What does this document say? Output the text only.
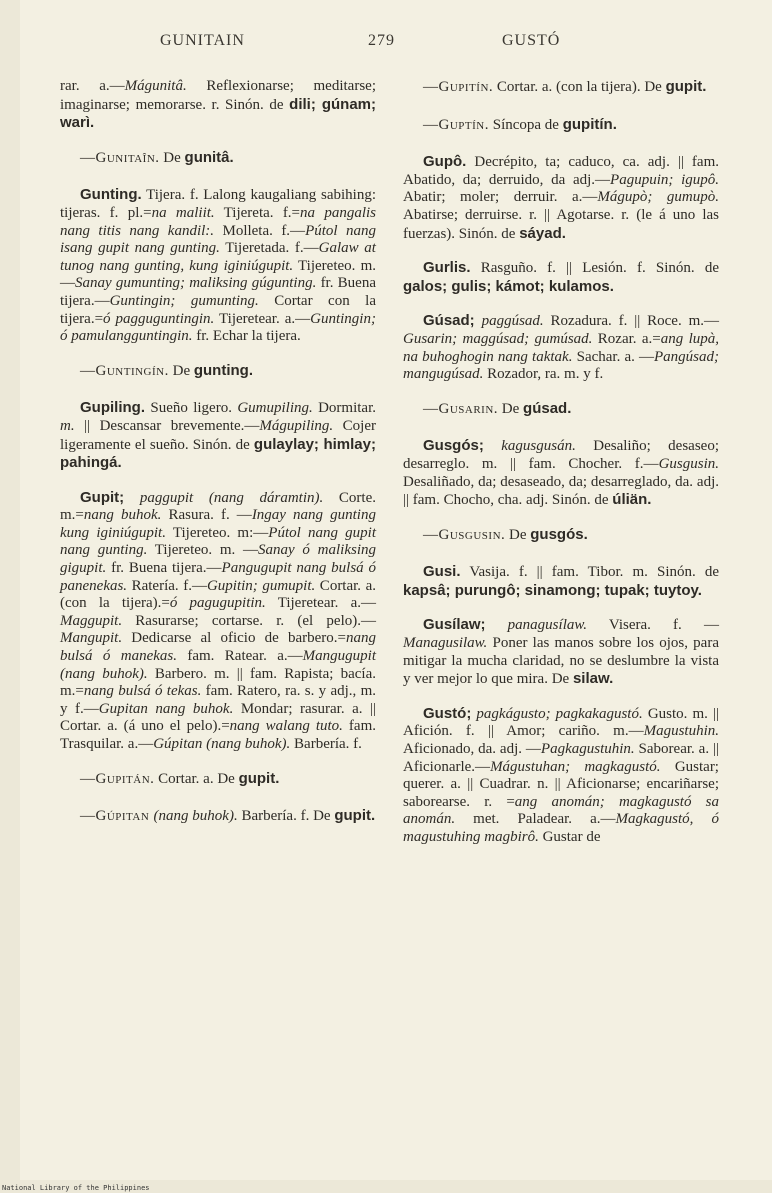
GUNITAIN	279	GUSTÓ

rar. a.—Mágunitâ. Reflexionarse; meditarse; imaginarse; memorarse. r. Sinón. de dili; gúnam; warì.

—Gunitaîn. De gunitâ.

Gunting. Tijera. f. Lalong kaugaliang sabihing: tijeras. f. pl.=na maliit. Tijereta. f.=na pangalis nang titis nang kandil:. Molleta. f.—Pútol nang isang gupit nang gunting. Tijeretada. f.—Galaw at tunog nang gunting, kung iginiúgupit. Tijereteo. m.—Sanay gumunting; maliksing gúgunting. fr. Buena tijera.—Guntingin; gumunting. Cortar con la tijera.=ó pagguguntingin. Tijeretear. a.—Guntingin; ó pamulangguntingin. fr. Echar la tijera.

—Guntingín. De gunting.

Gupiling. Sueño ligero. Gumupiling. Dormitar. m. || Descansar brevemente.—Mágupiling. Cojer ligeramente el sueño. Sinón. de gulaylay; himlay; pahingá.

Gupit; paggupit (nang dáramtin). Corte. m.=nang buhok. Rasura. f. —Ingay nang gunting kung iginiúgupit. Tijereteo. m:—Pútol nang gupit nang gunting. Tijereteo. m. —Sanay ó maliksing gigupit. fr. Buena tijera.—Pangugupit nang bulsá ó panenekas. Ratería. f.—Gupitin; gumupit. Cortar. a. (con la tijera).=ó pagugupitin. Tijeretear. a.—Maggupit. Rasurarse; cortarse. r. (el pelo).—Mangupit. Dedicarse al oficio de barbero.=nang bulsá ó manekas. fam. Ratear. a.—Mangugupit (nang buhok). Barbero. m. || fam. Rapista; bacía. m.=nang bulsá ó tekas. fam. Ratero, ra. s. y adj., m. y f.—Gupitan nang buhok. Mondar; rasurar. a. || Cortar. a. (á uno el pelo).=nang walang tuto. fam. Trasquilar. a.—Gúpitan (nang buhok). Barbería. f.

—Gupitán. Cortar. a. De gupit.

—Gúpitan (nang buhok). Barbería. f. De gupit.

—Gupitín. Cortar. a. (con la tijera). De gupit.

—Guptín. Síncopa de gupitín.

Gupô. Decrépito, ta; caduco, ca. adj. || fam. Abatido, da; derruido, da adj.—Pagupuin; igupô. Abatir; moler; derruir. a.—Mágupò; gumupò. Abatirse; derruirse. r. || Agotarse. r. (le á uno las fuerzas). Sinón. de sáyad.

Gurlis. Rasguño. f. || Lesión. f. Sinón. de galos; gulis; kámot; kulamos.

Gúsad; paggúsad. Rozadura. f. || Roce. m.—Gusarin; maggúsad; gumúsad. Rozar. a.=ang lupà, na buhoghogin nang taktak. Sachar. a. —Pangúsad; mangugúsad. Rozador, ra. m. y f.

—Gusarin. De gúsad.

Gusgós; kagusgusán. Desaliño; desaseo; desarreglo. m. || fam. Chocher. f.—Gusgusin. Desaliñado, da; desaseado, da; desarreglado, da. adj. || fam. Chocho, cha. adj. Sinón. de úliän.

—Gusgusin. De gusgós.

Gusi. Vasija. f. || fam. Tibor. m. Sinón. de kapsâ; purungô; sinamong; tupak; tuytoy.

Gusílaw; panagusílaw. Visera. f. —Managusilaw. Poner las manos sobre los ojos, para mitigar la mucha claridad, no se deslumbre la vista y ver mejor lo que mira. De silaw.

Gustó; pagkágusto; pagkakagustó. Gusto. m. || Afición. f. || Amor; cariño. m.—Magustuhin. Aficionado, da. adj. —Pagkagustuhin. Saborear. a. || Aficionarle.—Mágustuhan; magkagustó. Gustar; querer. a. || Cuadrar. n. || Aficionarse; encariñarse; saborearse. r. =ang anomán; magkagustó sa anomán. met. Paladear. a.—Magkagustó, ó magustuhing magbirô. Gustar de

National Library of the Philippines
